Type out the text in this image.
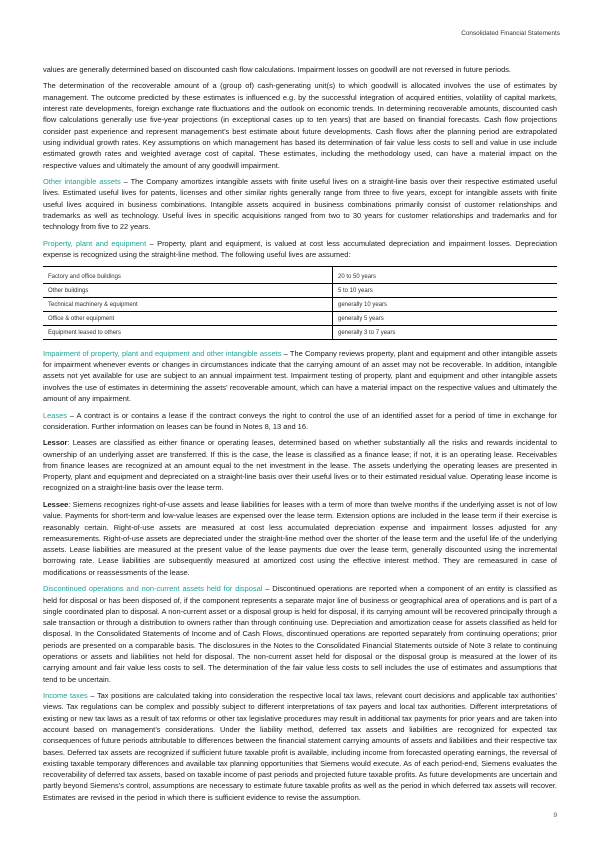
Consolidated Financial Statements

values are generally determined based on discounted cash flow calculations. Impairment losses on goodwill are not reversed in future periods.

The determination of the recoverable amount of a (group of) cash-generating unit(s) to which goodwill is allocated involves the use of estimates by management. The outcome predicted by these estimates is influenced e.g. by the successful integration of acquired entities, volatility of capital markets, interest rate developments, foreign exchange rate fluctuations and the outlook on economic trends. In determining recoverable amounts, discounted cash flow calculations generally use five-year projections (in exceptional cases up to ten years) that are based on financial forecasts. Cash flow projections consider past experience and represent management’s best estimate about future developments. Cash flows after the planning period are extrapolated using individual growth rates. Key assumptions on which management has based its determination of fair value less costs to sell and value in use include estimated growth rates and weighted average cost of capital. These estimates, including the methodology used, can have a material impact on the respective values and ultimately the amount of any goodwill impairment.

Other intangible assets – The Company amortizes intangible assets with finite useful lives on a straight-line basis over their respective estimated useful lives. Estimated useful lives for patents, licenses and other similar rights generally range from three to five years, except for intangible assets with finite useful lives acquired in business combinations. Intangible assets acquired in business combinations primarily consist of customer relationships and trademarks as well as technology. Useful lives in specific acquisitions ranged from two to 30 years for customer relationships and trademarks and for technology from five to 22 years.

Property, plant and equipment – Property, plant and equipment, is valued at cost less accumulated depreciation and impairment losses. Depreciation expense is recognized using the straight-line method. The following useful lives are assumed:

Factory and office buildings	20 to 50 years
Other buildings	5 to 10 years
Technical machinery & equipment	generally 10 years
Office & other equipment	generally 5 years
Equipment leased to others	generally 3 to 7 years

Impairment of property, plant and equipment and other intangible assets – The Company reviews property, plant and equipment and other intangible assets for impairment whenever events or changes in circumstances indicate that the carrying amount of an asset may not be recoverable. In addition, intangible assets not yet available for use are subject to an annual impairment test. Impairment testing of property, plant and equipment and other intangible assets involves the use of estimates in determining the assets’ recoverable amount, which can have a material impact on the respective values and ultimately the amount of any impairment.

Leases – A contract is or contains a lease if the contract conveys the right to control the use of an identified asset for a period of time in exchange for consideration. Further information on leases can be found in Notes 8, 13 and 16.

Lessor: Leases are classified as either finance or operating leases, determined based on whether substantially all the risks and rewards incidental to ownership of an underlying asset are transferred. If this is the case, the lease is classified as a finance lease; if not, it is an operating lease. Receivables from finance leases are recognized at an amount equal to the net investment in the lease. The assets underlying the operating leases are presented in Property, plant and equipment and depreciated on a straight-line basis over their useful lives or to their estimated residual value. Operating lease income is recognized on a straight-line basis over the lease term.

Lessee: Siemens recognizes right-of-use assets and lease liabilities for leases with a term of more than twelve months if the underlying asset is not of low value. Payments for short-term and low-value leases are expensed over the lease term. Extension options are included in the lease term if their exercise is reasonably certain. Right-of-use assets are measured at cost less accumulated depreciation expense and impairment losses adjusted for any remeasurements. Right-of-use assets are depreciated under the straight-line method over the shorter of the lease term and the useful life of the underlying assets. Lease liabilities are measured at the present value of the lease payments due over the lease term, generally discounted using the incremental borrowing rate. Lease liabilities are subsequently measured at amortized cost using the effective interest method. They are remeasured in case of modifications or reassessments of the lease.

Discontinued operations and non-current assets held for disposal – Discontinued operations are reported when a component of an entity is classified as held for disposal or has been disposed of, if the component represents a separate major line of business or geographical area of operations and is part of a single coordinated plan to disposal. A non-current asset or a disposal group is held for disposal, if its carrying amount will be recovered principally through a sale transaction or through a distribution to owners rather than through continuing use. Depreciation and amortization cease for assets classified as held for disposal. In the Consolidated Statements of Income and of Cash Flows, discontinued operations are reported separately from continuing operations; prior periods are presented on a comparable basis. The disclosures in the Notes to the Consolidated Financial Statements outside of Note 3 relate to continuing operations or assets and liabilities not held for disposal. The non-current asset held for disposal or the disposal group is measured at the lower of its carrying amount and fair value less costs to sell. The determination of the fair value less costs to sell includes the use of estimates and assumptions that tend to be uncertain.

Income taxes – Tax positions are calculated taking into consideration the respective local tax laws, relevant court decisions and applicable tax authorities’ views. Tax regulations can be complex and possibly subject to different interpretations of tax payers and local tax authorities. Different interpretations of existing or new tax laws as a result of tax reforms or other tax legislative procedures may result in additional tax payments for prior years and are taken into account based on management’s considerations. Under the liability method, deferred tax assets and liabilities are recognized for expected tax consequences of future periods attributable to differences between the financial statement carrying amounts of assets and liabilities and their respective tax bases. Deferred tax assets are recognized if sufficient future taxable profit is available, including income from forecasted operating earnings, the reversal of existing taxable temporary differences and available tax planning opportunities that Siemens would execute. As of each period-end, Siemens evaluates the recoverability of deferred tax assets, based on taxable income of past periods and projected future taxable profits. As future developments are uncertain and partly beyond Siemens’s control, assumptions are necessary to estimate future taxable profits as well as the period in which deferred tax assets will recover. Estimates are revised in the period in which there is sufficient evidence to revise the assumption.

9
